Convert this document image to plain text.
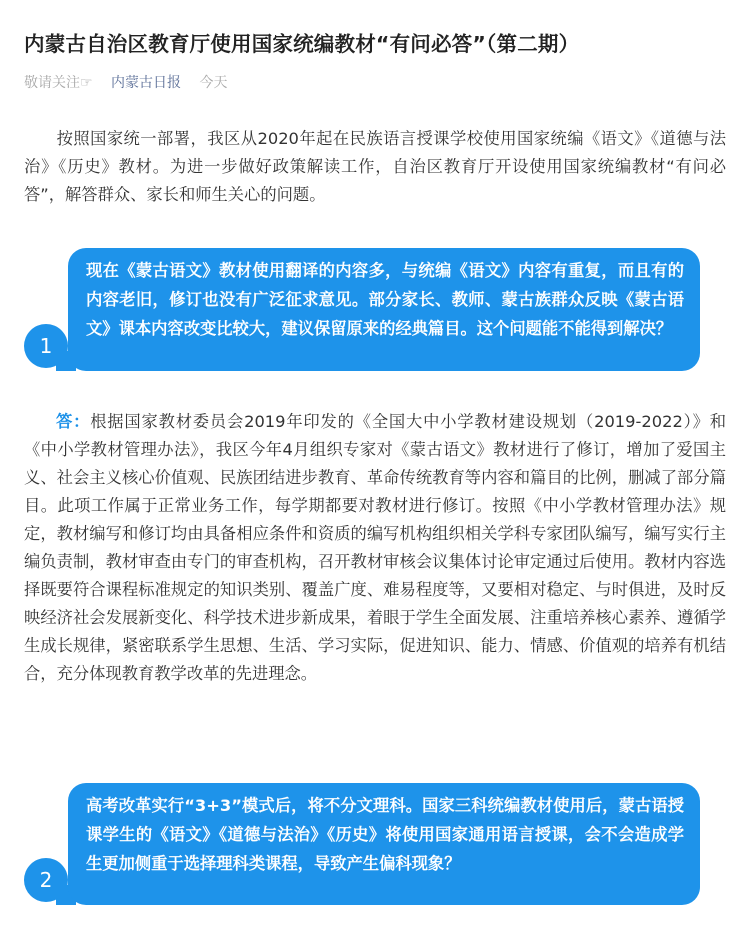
内蒙古自治区教育厅使用国家统编教材“有问必答”（第二期）
敬请关注☞ 内蒙古日报 今天

按照国家统一部署，我区从2020年起在民族语言授课学校使用国家统编《语文》《道德与法治》《历史》教材。为进一步做好政策解读工作，自治区教育厅开设使用国家统编教材“有问必答”，解答群众、家长和师生关心的问题。

现在《蒙古语文》教材使用翻译的内容多，与统编《语文》内容有重复，而且有的内容老旧，修订也没有广泛征求意见。部分家长、教师、蒙古族群众反映《蒙古语文》课本内容改变比较大，建议保留原来的经典篇目。这个问题能不能得到解决？
1

答：根据国家教材委员会2019年印发的《全国大中小学教材建设规划（2019-2022）》和《中小学教材管理办法》，我区今年4月组织专家对《蒙古语文》教材进行了修订，增加了爱国主义、社会主义核心价值观、民族团结进步教育、革命传统教育等内容和篇目的比例，删减了部分篇目。此项工作属于正常业务工作，每学期都要对教材进行修订。按照《中小学教材管理办法》规定，教材编写和修订均由具备相应条件和资质的编写机构组织相关学科专家团队编写，编写实行主编负责制，教材审查由专门的审查机构，召开教材审核会议集体讨论审定通过后使用。教材内容选择既要符合课程标准规定的知识类别、覆盖广度、难易程度等，又要相对稳定、与时俱进，及时反映经济社会发展新变化、科学技术进步新成果，着眼于学生全面发展、注重培养核心素养、遵循学生成长规律，紧密联系学生思想、生活、学习实际，促进知识、能力、情感、价值观的培养有机结合，充分体现教育教学改革的先进理念。

高考改革实行“3+3”模式后，将不分文理科。国家三科统编教材使用后，蒙古语授课学生的《语文》《道德与法治》《历史》将使用国家通用语言授课，会不会造成学生更加侧重于选择理科类课程，导致产生偏科现象？
2
